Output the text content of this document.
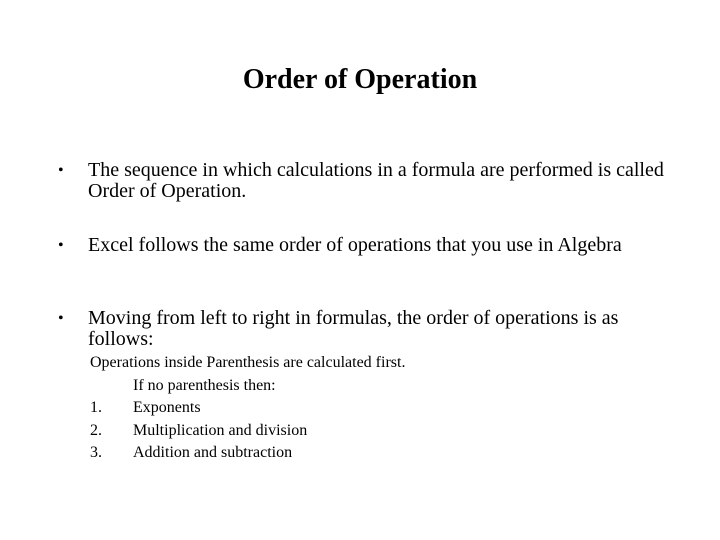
Order of Operation
•	The sequence in which calculations in a formula are performed is called Order of Operation.
•	Excel follows the same order of operations that you use in Algebra
•	Moving from left to right in formulas, the order of operations is as follows:
Operations inside Parenthesis are calculated first.
If no parenthesis then:
1.	Exponents
2.	Multiplication and division
3.	Addition and subtraction
